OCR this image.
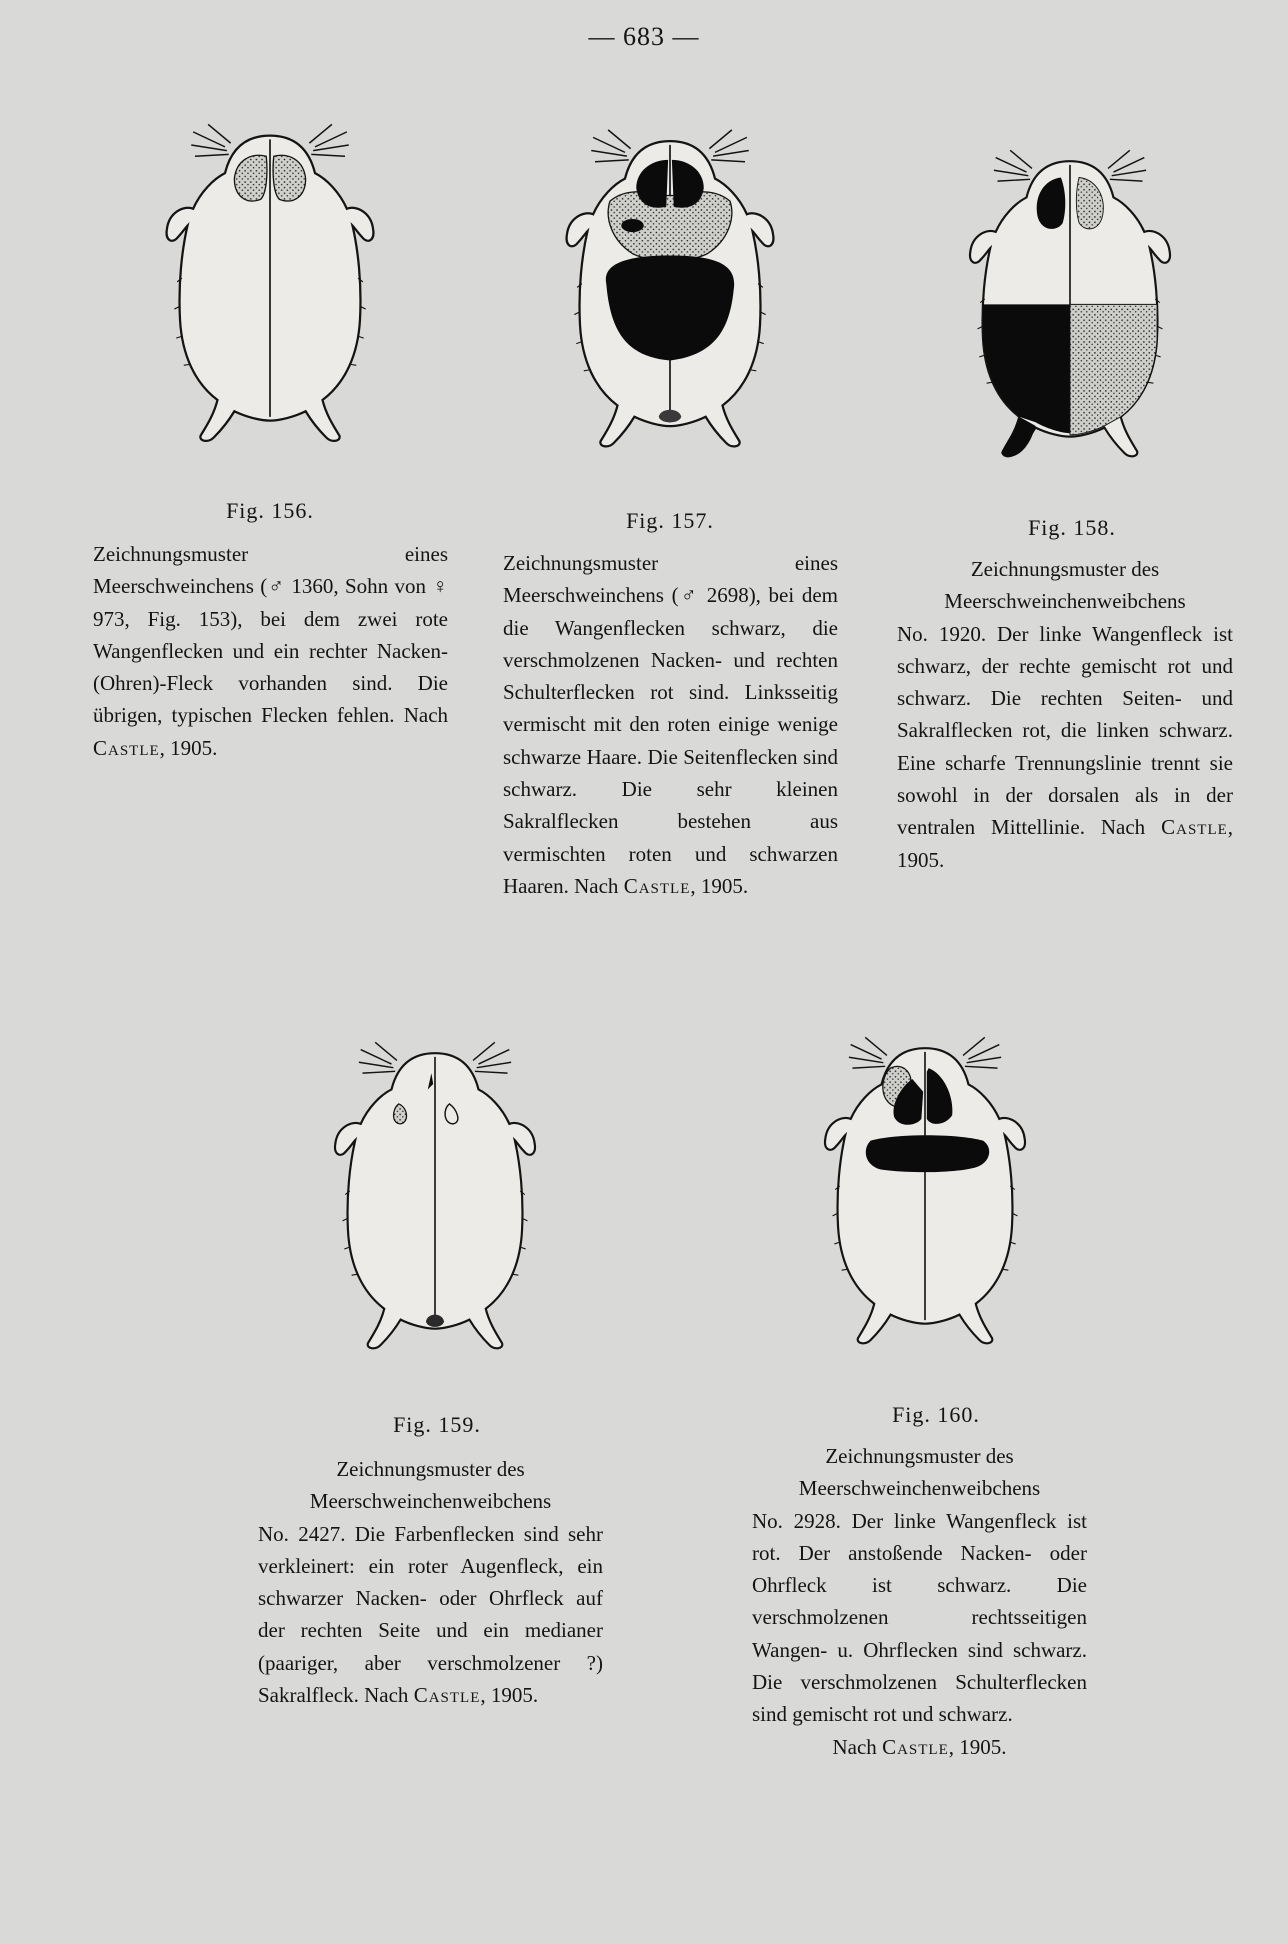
— 683 —
Fig. 156.
Zeichnungsmuster eines Meerschweinchens (♂ 1360, Sohn von ♀ 973, Fig. 153), bei dem zwei rote Wangenflecken und ein rechter Nacken-(Ohren)-Fleck vorhanden sind. Die übrigen, typischen Flecken fehlen. Nach Castle, 1905.
Fig. 157.
Zeichnungsmuster eines Meerschweinchens (♂ 2698), bei dem die Wangenflecken schwarz, die verschmolzenen Nacken- und rechten Schulterflecken rot sind. Linksseitig vermischt mit den roten einige wenige schwarze Haare. Die Seitenflecken sind schwarz. Die sehr kleinen Sakralflecken bestehen aus vermischten roten und schwarzen Haaren. Nach Castle, 1905.
Fig. 158.
Zeichnungsmuster des Meerschweinchenweibchens
No. 1920. Der linke Wangenfleck ist schwarz, der rechte gemischt rot und schwarz. Die rechten Seiten- und Sakralflecken rot, die linken schwarz. Eine scharfe Trennungslinie trennt sie sowohl in der dorsalen als in der ventralen Mittellinie. Nach Castle, 1905.
Fig. 159.
Zeichnungsmuster des Meerschweinchenweibchens
No. 2427. Die Farbenflecken sind sehr verkleinert: ein roter Augenfleck, ein schwarzer Nacken- oder Ohrfleck auf der rechten Seite und ein medianer (paariger, aber verschmolzener ?) Sakralfleck. Nach Castle, 1905.
Fig. 160.
Zeichnungsmuster des Meerschweinchenweibchens
No. 2928. Der linke Wangenfleck ist rot. Der anstoßende Nacken- oder Ohrfleck ist schwarz. Die verschmolzenen rechtsseitigen Wangen- u. Ohrflecken sind schwarz. Die verschmolzenen Schulterflecken sind gemischt rot und schwarz.
Nach Castle, 1905.
